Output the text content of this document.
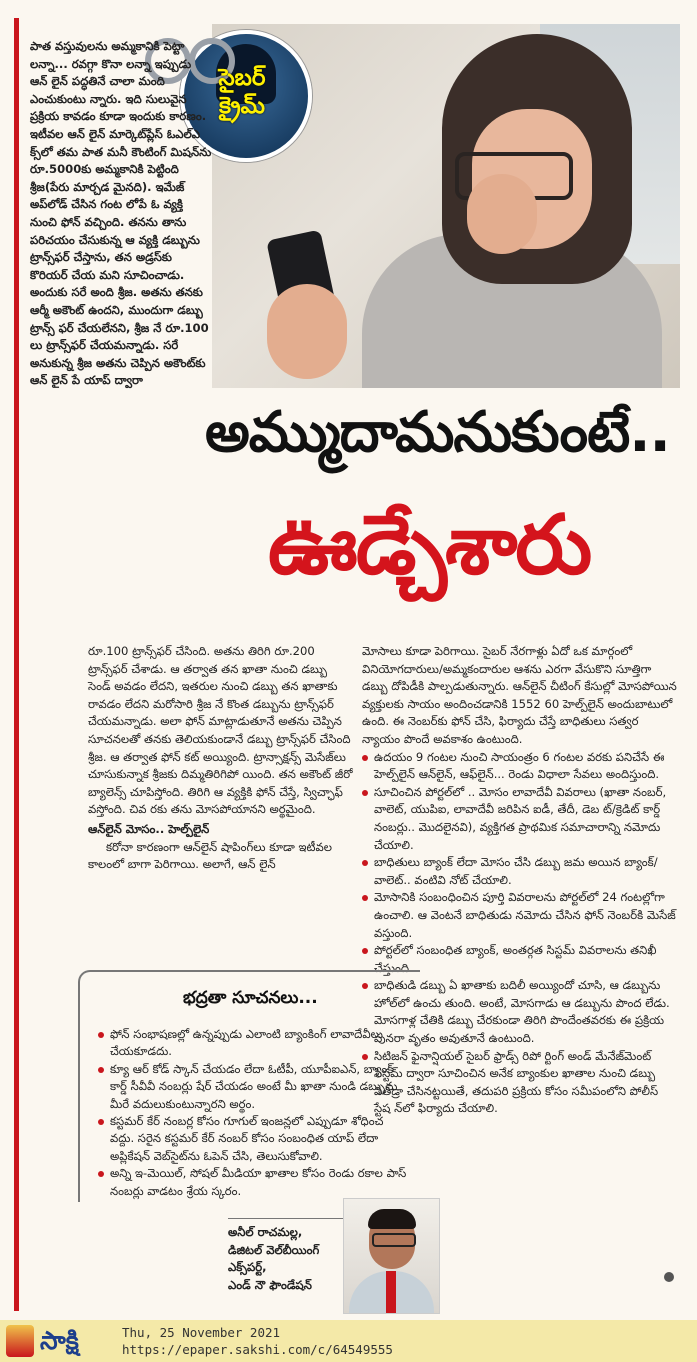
సైబర్
క్రైమ్
అమ్ముదామనుకుంటే..
ఊడ్చేశారు

పాత వస్తువులను అమ్మకానికి పెట్టా లన్నా... రవగ్గా కొనా లన్నా ఇప్పుడు ఆన్ లైన్ పద్ధతినే చాలా మంది ఎంచుకుంటు న్నారు. ఇది సులువైన ప్రక్రియ కావడం కూడా ఇందుకు కారణం. ఇటీవల ఆన్ లైన్ మార్కెట్‌ప్లేస్ ఓఎల్‌ఎ క్స్‌లో తమ పాత మనీ కౌంటింగ్ మిషన్‌ను రూ.5000కు అమ్మకానికి పెట్టింది శ్రీజ(పేరు మార్చడ మైనది). ఇమేజ్ అప్‌లోడ్ చేసిన గంట లోపే ఓ వ్యక్తి నుంచి ఫోన్ వచ్చింది. తనను తాను పరిచయం చేసుకున్న ఆ వ్యక్తి డబ్బును ట్రాన్స్‌ఫర్ చేస్తాను, తన అడ్రస్‌కు కొరియర్ చేయ మని సూచించాడు. అందుకు సరే అంది శ్రీజ. అతను తనకు ఆర్మీ అకౌంట్ ఉందని, ముందుగా డబ్బు ట్రాన్స్ ఫర్ చేయలేనని, శ్రీజ నే రూ.100 లు ట్రాన్స్‌ఫర్ చేయమన్నాడు. సరే అనుకున్న శ్రీజ అతను చెప్పిన అకౌంట్‌కు ఆన్ లైన్ పే యాప్ ద్వారా

రూ.100 ట్రాన్స్‌ఫర్ చేసింది. అతను తిరిగి రూ.200 ట్రాన్స్‌ఫర్ చేశాడు. ఆ తర్వాత తన ఖాతా నుంచి డబ్బు సెండ్ అవడం లేదని, ఇతరుల నుంచి డబ్బు తన ఖాతాకు రావడం లేదని మరోసారి శ్రీజ నే కొంత డబ్బును ట్రాన్స్‌ఫర్ చేయమన్నాడు. అలా ఫోన్ మాట్లాడుతూనే అతను చెప్పిన సూచనలతో తనకు తెలియకుండానే డబ్బు ట్రాన్స్‌ఫర్ చేసింది శ్రీజ. ఆ తర్వాత ఫోన్ కట్ అయ్యింది. ట్రాన్సాక్షన్స్ మెసేజ్‌లు చూసుకున్నాక శ్రీజకు దిమ్మతిరిగిపో యింది. తన అకౌంట్ జీరో బ్యాలెన్స్ చూపిస్తోంది. తిరిగి ఆ వ్యక్తికి ఫోన్ చేస్తే, స్విచ్ఛాఫ్ వస్తోంది. చివ రకు తను మోసపోయానని అర్థమైంది.

ఆన్‌లైన్ మోసం.. హెల్ప్‌లైన్

కరోనా కారణంగా ఆన్‌లైన్ షాపింగ్‌లు కూడా ఇటీవల కాలంలో బాగా పెరిగాయి. అలాగే, ఆన్ లైన్

మోసాలు కూడా పెరిగాయి. సైబర్ నేరగాళ్లు ఏదో ఒక మార్గంలో వినియోగదారులు/అమ్మకందారుల ఆశను ఎరగా వేసుకొని సూత్తిగా డబ్బు దోపిడీకి పాల్పడుతున్నారు. ఆన్‌లైన్ చీటింగ్ కేసుల్లో మోసపోయిన వ్యక్తులకు సాయం అందించడానికి 1552 60 హెల్ప్‌లైన్ అందుబాటులో ఉంది. ఈ నెంబర్‌కు ఫోన్ చేసి, ఫిర్యాదు చేస్తే బాధితులు సత్వర న్యాయం పొందే అవకాశం ఉంటుంది.

ఉదయం 9 గంటల నుంచి సాయంత్రం 6 గంటల వరకు పనిచేసే ఈ హెల్ప్‌లైన్ ఆన్‌లైన్, ఆఫ్‌లైన్... రెండు విధాలా సేవలు అందిస్తుంది.

సూచించిన పోర్టల్‌లో .. మోసం లావాదేవీ వివరాలు (ఖాతా నంబర్, వాలెట్, యుపిఐ, లావాదేవీ జరిపిన ఐడీ, తేదీ, డెబ ట్/క్రెడిట్ కార్డ్ నంబర్లు.. మొదలైనవి), వ్యక్తిగత ప్రాథమిక సమాచారాన్ని నమోదు చేయాలి.

బాధితులు బ్యాంక్ లేదా మోసం చేసి డబ్బు జమ అయిన బ్యాంక్/వాలెట్.. వంటివి నోట్ చేయాలి.

మోసానికి సంబంధించిన పూర్తి వివరాలను పోర్టల్‌లో 24 గంటల్లోగా ఉంచాలి. ఆ వెంటనే బాధితుడు నమోదు చేసిన ఫోన్ నెంబర్‌కి మెసేజ్ వస్తుంది.

పోర్టల్‌లో సంబంధిత బ్యాంక్, అంతర్గత సిస్టమ్‌ వివరాలను తనిఖీ చేస్తుంది.

బాధితుడి డబ్బు ఏ ఖాతాకు బదిలీ అయ్యిందో చూసి, ఆ డబ్బును హోల్‌లో ఉంచు తుంది. అంటే, మోసగాడు ఆ డబ్బును పొంద లేడు. మోసగాళ్ల చేతికి డబ్బు చేరకుండా తిరిగి పొందేంతవరకు ఈ ప్రక్రియ పునరా వృతం అవుతూనే ఉంటుంది.

సిటిజన్ ఫైనాన్షియల్ సైబర్ ఫ్రాడ్స్ రిపో ర్టింగ్ అండ్ మేనేజ్‌మెంట్ సిస్టమ్ ద్వారా సూచించిన అనేక బ్యాంకుల ఖాతాల నుంచి డబ్బు విత్‌డ్రా చేసినట్టయితే, తదుపరి ప్రక్రియ కోసం సమీపంలోని పోలీస్ స్టేష న్‌లో ఫిర్యాదు చేయాలి.

భద్రతా సూచనలు...

ఫోన్ సంభాషణల్లో ఉన్నప్పుడు ఎలాంటి బ్యాంకింగ్ లావాదేవీలు చేయకూడదు.

క్యూ ఆర్ కోడ్ స్కాన్ చేయడం లేదా ఓటీపీ, యూపీఐఎన్, బ్యాంక్ కార్డ్ సీవీవీ నంబర్లు షేర్ చేయడం అంటే మీ ఖాతా నుండి డబ్బును మీరే వదులుకుంటున్నారని అర్థం.

కస్టమర్ కేర్ నంబర్ల కోసం గూగుల్ ఇంజన్లలో ఎప్పుడూ శోధించ వద్దు. సరైన కస్టమర్ కేర్ నంబర్ కోసం సంబంధిత యాప్ లేదా అప్లికేషన్ వెబ్‌సైట్‌ను ఓపెన్ చేసి, తెలుసుకోవాలి.

అన్ని ఇ-మెయిల్, సోషల్ మీడియా ఖాతాల కోసం రెండు రకాల పాస్ నంబర్లు వాడటం శ్రేయ స్కరం.

అనీల్ రాచమల్ల,
డిజిటల్ వెల్‌బీయింగ్
ఎక్స్‌పర్ట్,
ఎండ్ నౌ ఫౌండేషన్
సాక్షి	Thu, 25 November 2021
https://epaper.sakshi.com/c/64549555
